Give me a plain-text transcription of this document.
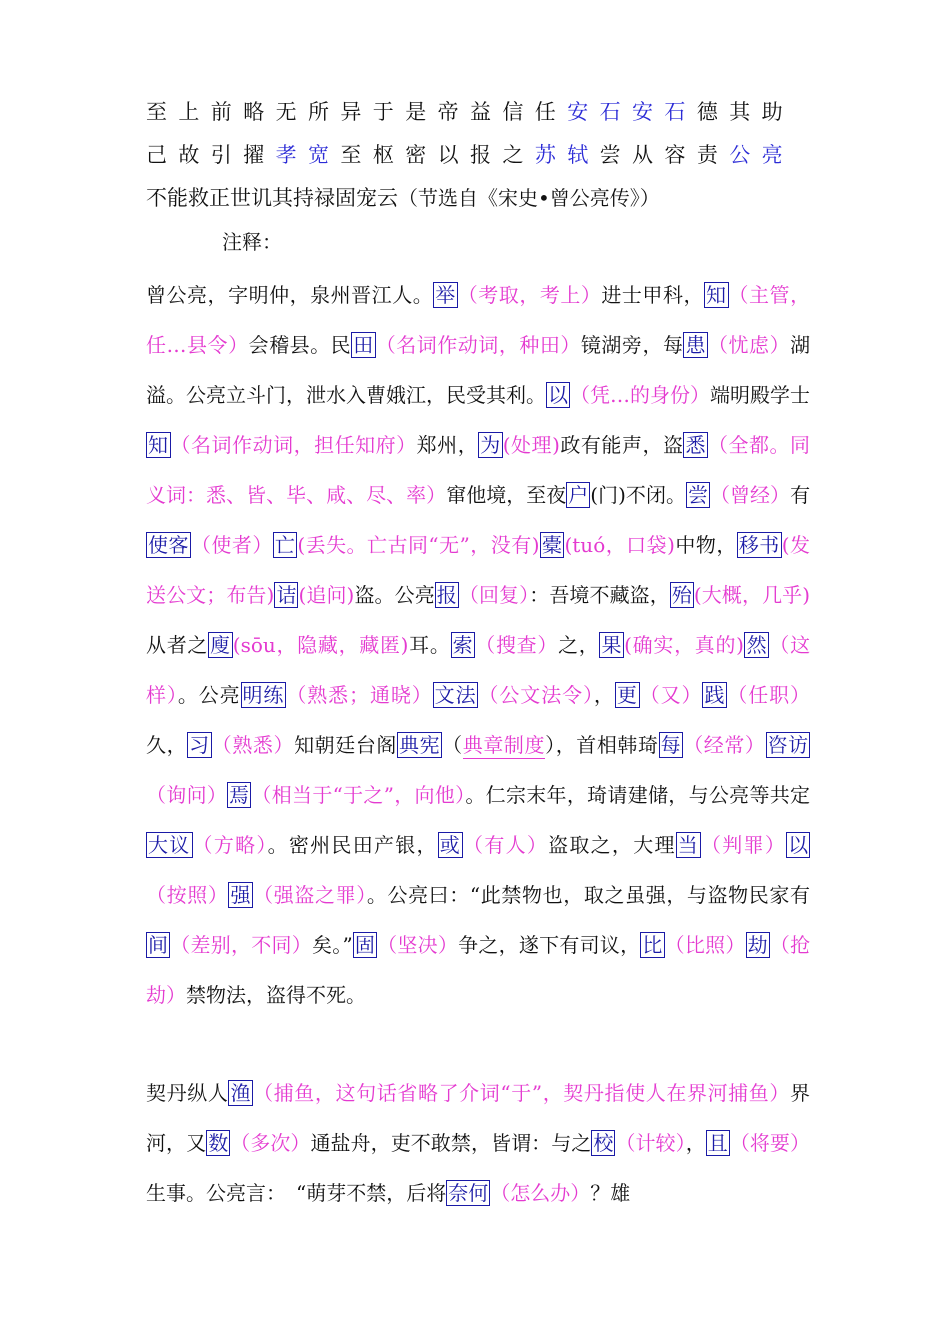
至上前略无所异于是帝益信任安石安石德其助
己故引擢孝宽至枢密以报之苏轼尝从容责公亮
不能救正世讥其持禄固宠云（节选自《宋史•曾公亮传》）
注释：
曾公亮，字明仲，泉州晋江人。 举 （考取，考上）进士甲科， 知 （主管，任…县令）会稽县。民 田 （名词作动词，种田）镜湖旁，每 患 （忧虑）湖溢。公亮立斗门，泄水入曹娥江，民受其利。 以 （凭…的身份）端明殿学士知 （名词作动词，担任知府）郑州， 为 (处理)政有能声，盗 悉 （全都。同义词：悉、皆、毕、咸、尽、率）窜他境，至夜 户 (门)不闭。 尝 （曾经）有使客 （使者） 亡 (丢失。亡古同“无”，没有) 橐 (tuó，口袋)中物， 移书 (发送公文；布告) 诘 (追问)盗。公亮 报 （回复）：吾境不藏盗， 殆 (大概，几乎)从者之 廋 (sōu，隐藏，藏匿)耳。 索 （搜查）之， 果 (确实，真的) 然 （这样）。公亮 明练 （熟悉；通晓） 文法 （公文法令）， 更 （又） 践 （任职）久， 习 （熟悉）知朝廷台阁 典宪 （典章制度），首相韩琦 每 （经常） 咨访（询问） 焉 （相当于“于之”，向他）。仁宗末年，琦请建储，与公亮等共定大议 （方略）。密州民田产银， 或 （有人）盗取之，大理 当 （判罪） 以（按照） 强 （强盗之罪）。公亮曰：“此禁物也，取之虽强，与盗物民家有间 （差别，不同）矣。” 固 （坚决）争之，遂下有司议， 比 （比照） 劫 （抢劫）禁物法，盗得不死。
契丹纵人 渔 （捕鱼，这句话省略了介词“于”，契丹指使人在界河捕鱼）界河，又 数 （多次）通盐舟，吏不敢禁，皆谓：与之 校 （计较）， 且 （将要）生事。公亮言：　“萌芽不禁，后将 奈何 （怎么办）？雄
